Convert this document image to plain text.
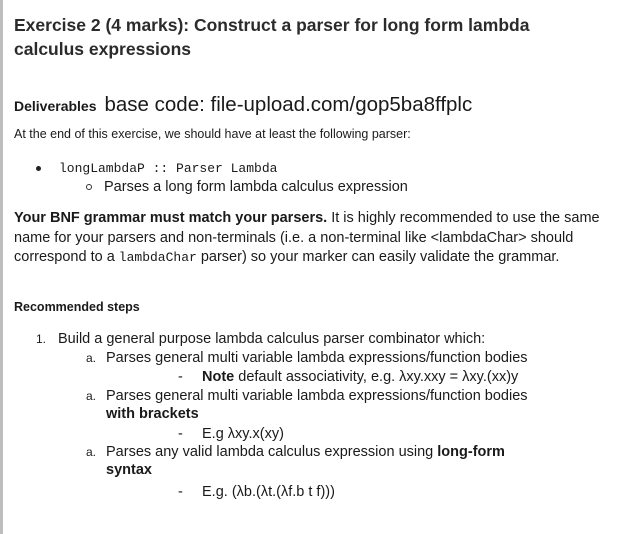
Exercise 2 (4 marks): Construct a parser for long form lambda
calculus expressions
Deliverables base code: file-upload.com/gop5ba8ffplc
At the end of this exercise, we should have at least the following parser:
longLambdaP :: Parser Lambda
Parses a long form lambda calculus expression
Your BNF grammar must match your parsers. It is highly recommended to use the same name for your parsers and non-terminals (i.e. a non-terminal like <lambdaChar> should correspond to a lambdaChar parser) so your marker can easily validate the grammar.
Recommended steps
1. Build a general purpose lambda calculus parser combinator which:
a. Parses general multi variable lambda expressions/function bodies
- Note default associativity, e.g. λxy.xxy = λxy.(xx)y
a. Parses general multi variable lambda expressions/function bodies
with brackets
- E.g λxy.x(xy)
a. Parses any valid lambda calculus expression using long-form
syntax
- E.g. (λb.(λt.(λf.b t f)))
